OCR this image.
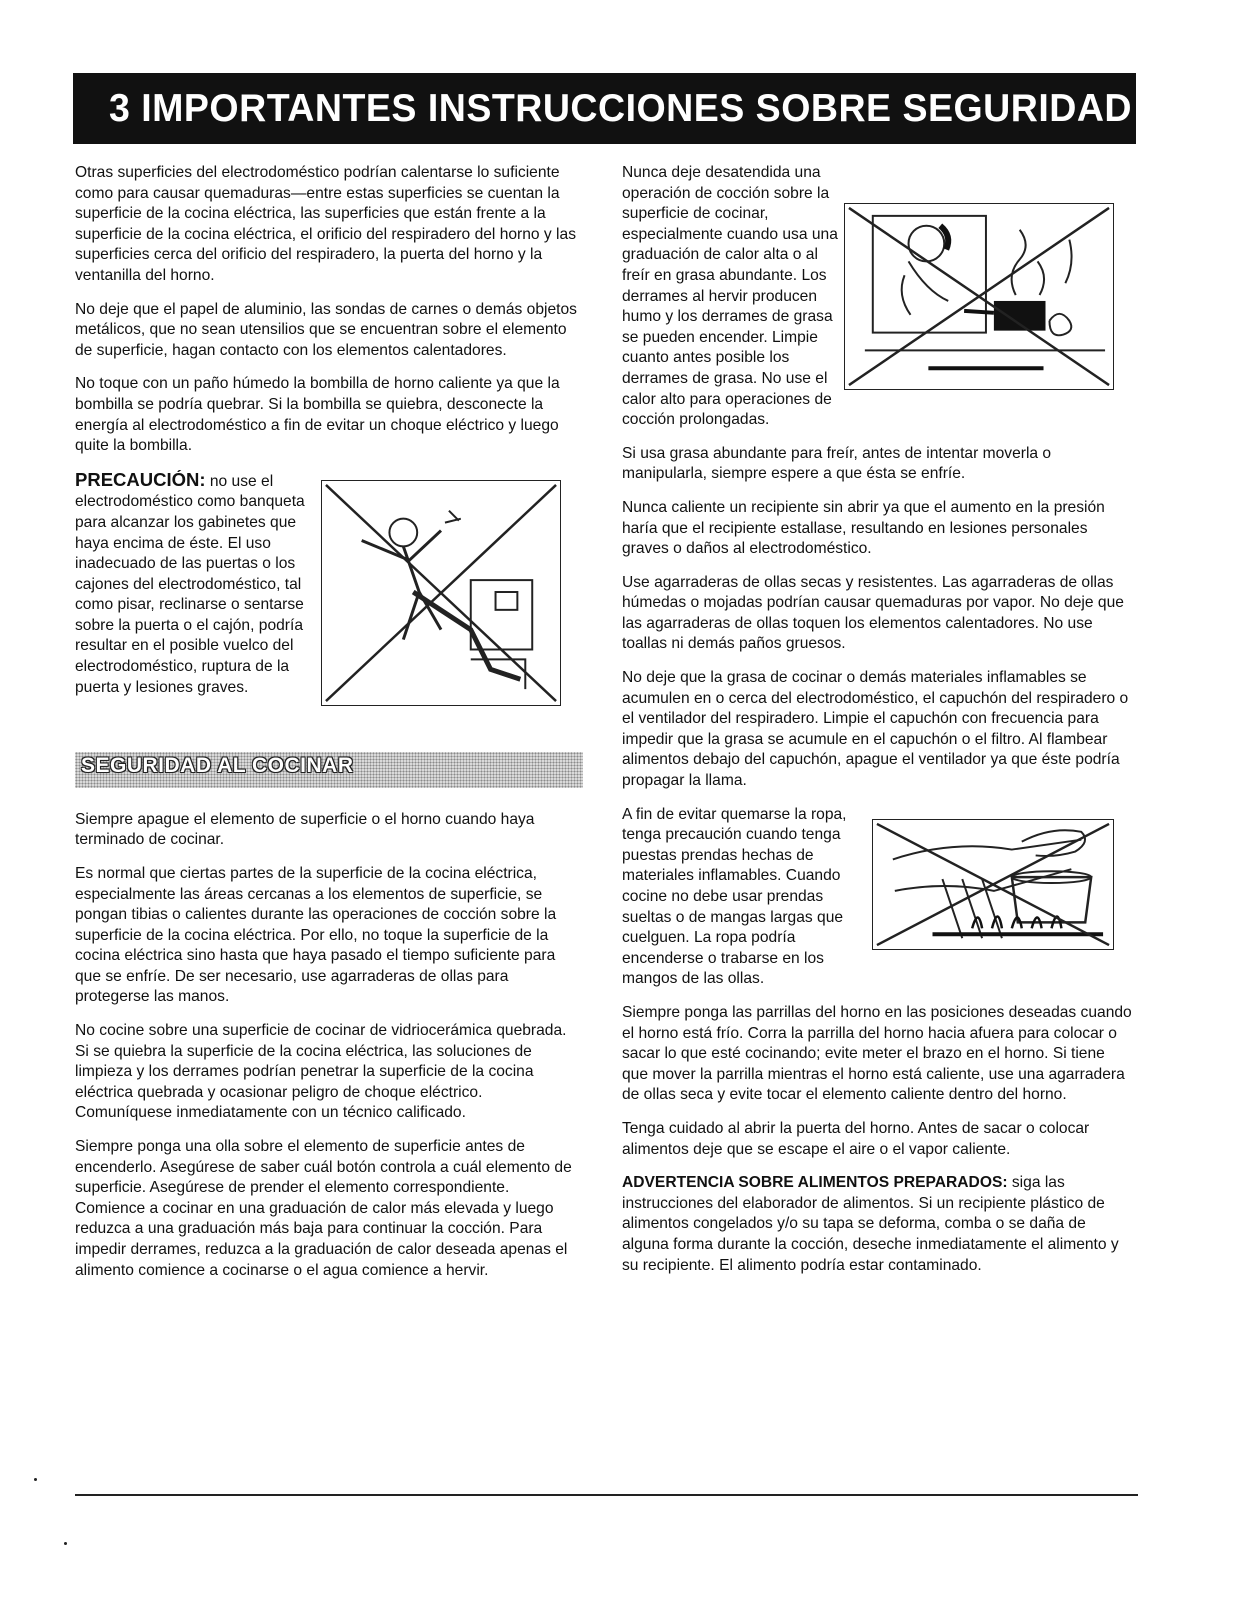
3 IMPORTANTES INSTRUCCIONES SOBRE SEGURIDAD

Otras superficies del electrodoméstico podrían calentarse lo suficiente como para causar quemaduras—entre estas superficies se cuentan la superficie de la cocina eléctrica, las superficies que están frente a la superficie de la cocina eléctrica, el orificio del respiradero del horno y las superficies cerca del orificio del respiradero, la puerta del horno y la ventanilla del horno.

No deje que el papel de aluminio, las sondas de carnes o demás objetos metálicos, que no sean utensilios que se encuentran sobre el elemento de superficie, hagan contacto con los elementos calentadores.

No toque con un paño húmedo la bombilla de horno caliente ya que la bombilla se podría quebrar. Si la bombilla se quiebra, desconecte la energía al electrodoméstico a fin de evitar un choque eléctrico y luego quite la bombilla.

PRECAUCIÓN: no use el electrodoméstico como banqueta para alcanzar los gabinetes que haya encima de éste. El uso inadecuado de las puertas o los cajones del electrodoméstico, tal como pisar, reclinarse o sentarse sobre la puerta o el cajón, podría resultar en el posible vuelco del electrodoméstico, ruptura de la puerta y lesiones graves.

SEGURIDAD AL COCINAR

Siempre apague el elemento de superficie o el horno cuando haya terminado de cocinar.

Es normal que ciertas partes de la superficie de la cocina eléctrica, especialmente las áreas cercanas a los elementos de superficie, se pongan tibias o calientes durante las operaciones de cocción sobre la superficie de la cocina eléctrica. Por ello, no toque la superficie de la cocina eléctrica sino hasta que haya pasado el tiempo suficiente para que se enfríe. De ser necesario, use agarraderas de ollas para protegerse las manos.

No cocine sobre una superficie de cocinar de vidriocerámica quebrada. Si se quiebra la superficie de la cocina eléctrica, las soluciones de limpieza y los derrames podrían penetrar la superficie de la cocina eléctrica quebrada y ocasionar peligro de choque eléctrico. Comuníquese inmediatamente con un técnico calificado.

Siempre ponga una olla sobre el elemento de superficie antes de encenderlo. Asegúrese de saber cuál botón controla a cuál elemento de superficie. Asegúrese de prender el elemento correspondiente. Comience a cocinar en una graduación de calor más elevada y luego reduzca a una graduación más baja para continuar la cocción. Para impedir derrames, reduzca a la graduación de calor deseada apenas el alimento comience a cocinarse o el agua comience a hervir.

Nunca deje desatendida una operación de cocción sobre la superficie de cocinar, especialmente cuando usa una graduación de calor alta o al freír en grasa abundante. Los derrames al hervir producen humo y los derrames de grasa se pueden encender. Limpie cuanto antes posible los derrames de grasa. No use el calor alto para operaciones de cocción prolongadas.

Si usa grasa abundante para freír, antes de intentar moverla o manipularla, siempre espere a que ésta se enfríe.

Nunca caliente un recipiente sin abrir ya que el aumento en la presión haría que el recipiente estallase, resultando en lesiones personales graves o daños al electrodoméstico.

Use agarraderas de ollas secas y resistentes. Las agarraderas de ollas húmedas o mojadas podrían causar quemaduras por vapor. No deje que las agarraderas de ollas toquen los elementos calentadores. No use toallas ni demás paños gruesos.

No deje que la grasa de cocinar o demás materiales inflamables se acumulen en o cerca del electrodoméstico, el capuchón del respiradero o el ventilador del respiradero. Limpie el capuchón con frecuencia para impedir que la grasa se acumule en el capuchón o el filtro. Al flambear alimentos debajo del capuchón, apague el ventilador ya que éste podría propagar la llama.

A fin de evitar quemarse la ropa, tenga precaución cuando tenga puestas prendas hechas de materiales inflamables. Cuando cocine no debe usar prendas sueltas o de mangas largas que cuelguen. La ropa podría encenderse o trabarse en los mangos de las ollas.

Siempre ponga las parrillas del horno en las posiciones deseadas cuando el horno está frío. Corra la parrilla del horno hacia afuera para colocar o sacar lo que esté cocinando; evite meter el brazo en el horno. Si tiene que mover la parrilla mientras el horno está caliente, use una agarradera de ollas seca y evite tocar el elemento caliente dentro del horno.

Tenga cuidado al abrir la puerta del horno. Antes de sacar o colocar alimentos deje que se escape el aire o el vapor caliente.

ADVERTENCIA SOBRE ALIMENTOS PREPARADOS: siga las instrucciones del elaborador de alimentos. Si un recipiente plástico de alimentos congelados y/o su tapa se deforma, comba o se daña de alguna forma durante la cocción, deseche inmediatamente el alimento y su recipiente. El alimento podría estar contaminado.
